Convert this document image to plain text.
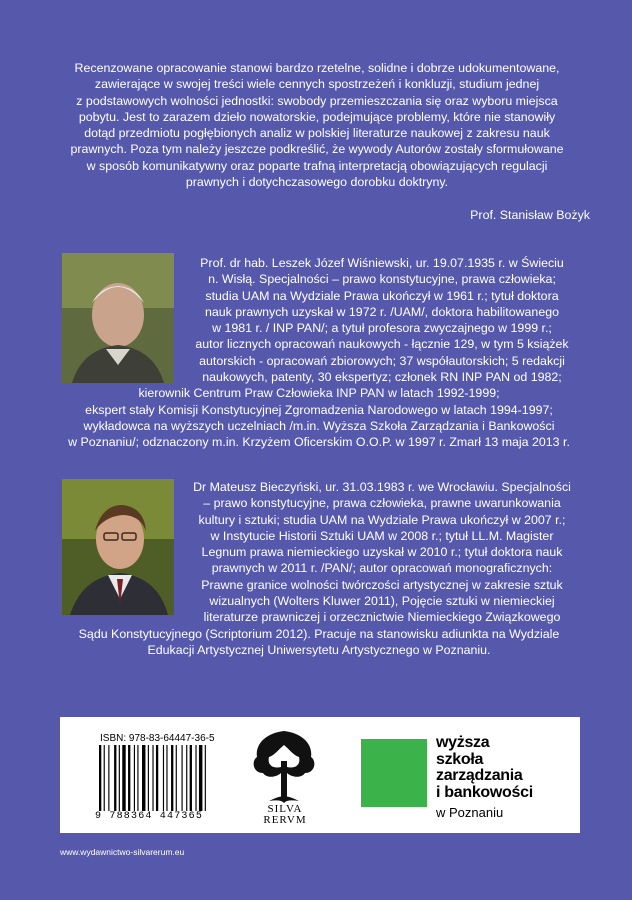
Recenzowane opracowanie stanowi bardzo rzetelne, solidne i dobrze udokumentowane,
zawierające w swojej treści wiele cennych spostrzeżeń i konkluzji, studium jednej
z podstawowych wolności jednostki: swobody przemieszczania się oraz wyboru miejsca
pobytu. Jest to zarazem dzieło nowatorskie, podejmujące problemy, które nie stanowiły
dotąd przedmiotu pogłębionych analiz w polskiej literaturze naukowej z zakresu nauk
prawnych. Poza tym należy jeszcze podkreślić, że wywody Autorów zostały sformułowane
w sposób komunikatywny oraz poparte trafną interpretacją obowiązujących regulacji
prawnych i dotychczasowego dorobku doktryny.
Prof. Stanisław Bożyk
Prof. dr hab. Leszek Józef Wiśniewski, ur. 19.07.1935 r. w Świeciu
n. Wisłą. Specjalności – prawo konstytucyjne, prawa człowieka;
studia UAM na Wydziale Prawa ukończył w 1961 r.; tytuł doktora
nauk prawnych uzyskał w 1972 r. /UAM/, doktora habilitowanego
w 1981 r. / INP PAN/; a tytuł profesora zwyczajnego w 1999 r.;
autor licznych opracowań naukowych - łącznie 129, w tym 5 książek
autorskich - opracowań zbiorowych; 37 współautorskich; 5 redakcji
naukowych, patenty, 30 ekspertyz; członek RN INP PAN od 1982;
kierownik Centrum Praw Człowieka INP PAN w latach 1992-1999;
ekspert stały Komisji Konstytucyjnej Zgromadzenia Narodowego w latach 1994-1997;
wykładowca na wyższych uczelniach /m.in. Wyższa Szkoła Zarządzania i Bankowości
w Poznaniu/; odznaczony m.in. Krzyżem Oficerskim O.O.P. w 1997 r. Zmarł 13 maja 2013 r.
Dr Mateusz Bieczyński, ur. 31.03.1983 r. we Wrocławiu. Specjalności
– prawo konstytucyjne, prawa człowieka, prawne uwarunkowania
kultury i sztuki; studia UAM na Wydziale Prawa ukończył w 2007 r.;
w Instytucie Historii Sztuki UAM w 2008 r.; tytuł LL.M. Magister
Legnum prawa niemieckiego uzyskał w 2010 r.; tytuł doktora nauk
prawnych w 2011 r. /PAN/; autor opracowań monograficznych:
Prawne granice wolności twórczości artystycznej w zakresie sztuk
wizualnych (Wolters Kluwer 2011), Pojęcie sztuki w niemieckiej
literaturze prawniczej i orzecznictwie Niemieckiego Związkowego
Sądu Konstytucyjnego (Scriptorium 2012). Pracuje na stanowisku adiunkta na Wydziale
Edukacji Artystycznej Uniwersytetu Artystycznego w Poznaniu.
ISBN: 978-83-64447-36-5
9 788364 447365
SILVA
RERVM
wyższa
szkoła
zarządzania
i bankowości
w Poznaniu
www.wydawnictwo-silvarerum.eu
